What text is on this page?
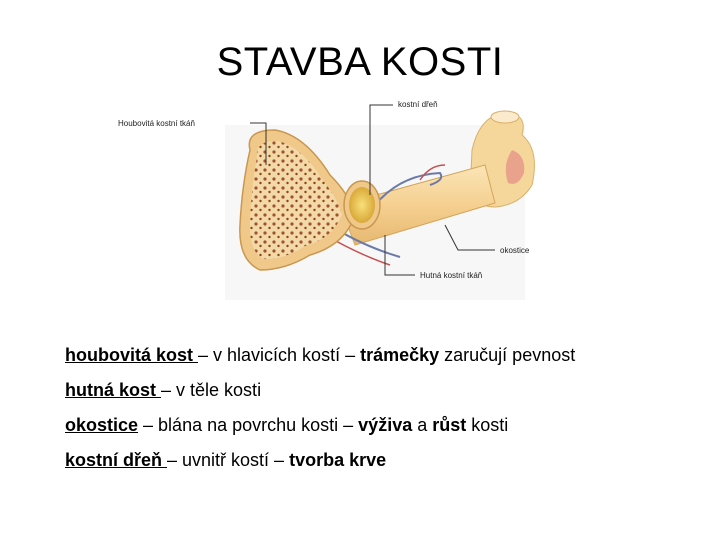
STAVBA KOSTI
Houbovitá kostní tkáň
kostní dřeň
okostice
Hutná kostní tkáň
houbovitá kost – v hlavicích kostí – trámečky zaručují pevnost
hutná kost – v těle kosti
okostice – blána na povrchu kosti – výživa a růst kosti
kostní dřeň – uvnitř kostí – tvorba krve
